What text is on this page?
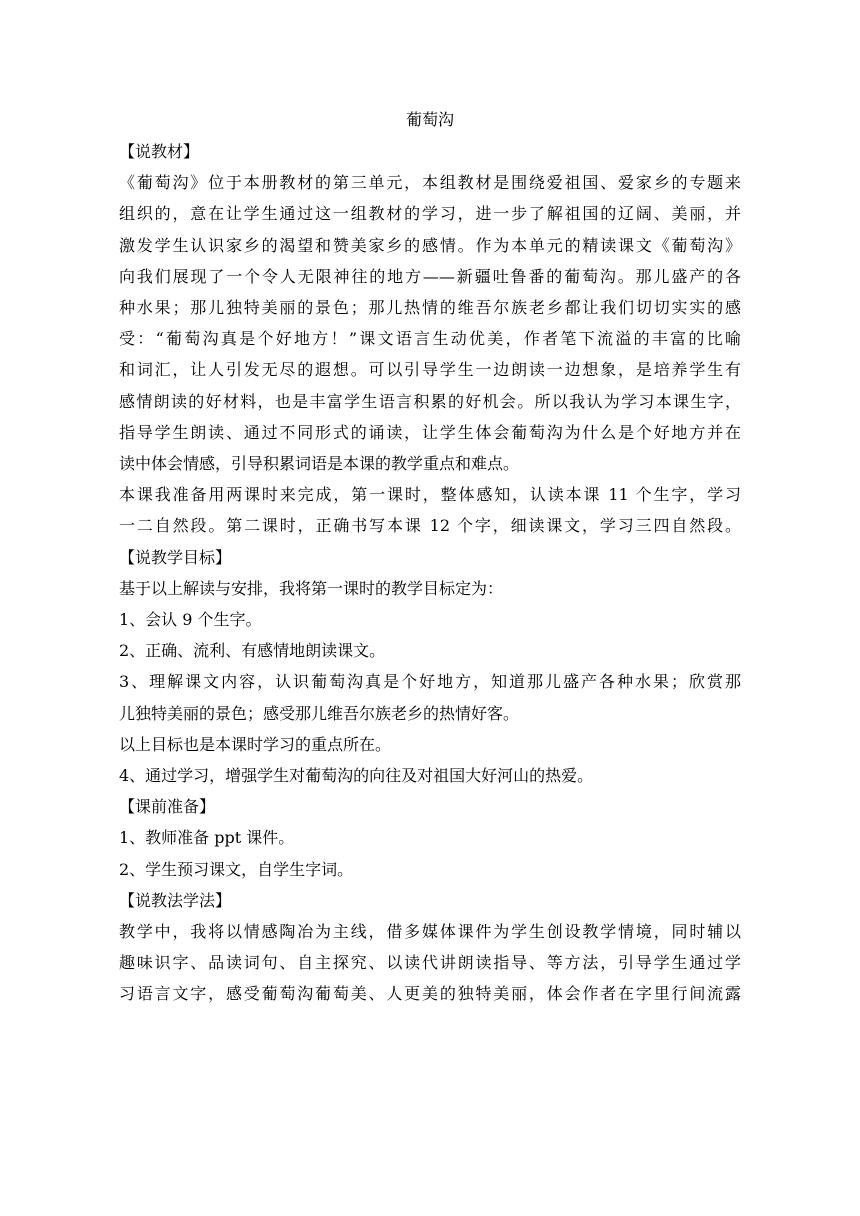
葡萄沟

【说教材】

《葡萄沟》位于本册教材的第三单元，本组教材是围绕爱祖国、爱家乡的专题来

组织的，意在让学生通过这一组教材的学习，进一步了解祖国的辽阔、美丽，并

激发学生认识家乡的渴望和赞美家乡的感情。作为本单元的精读课文《葡萄沟》

向我们展现了一个令人无限神往的地方——新疆吐鲁番的葡萄沟。那儿盛产的各

种水果；那儿独特美丽的景色；那儿热情的维吾尔族老乡都让我们切切实实的感

受：“葡萄沟真是个好地方！”课文语言生动优美，作者笔下流溢的丰富的比喻

和词汇，让人引发无尽的遐想。可以引导学生一边朗读一边想象，是培养学生有

感情朗读的好材料，也是丰富学生语言积累的好机会。所以我认为学习本课生字，

指导学生朗读、通过不同形式的诵读，让学生体会葡萄沟为什么是个好地方并在

读中体会情感，引导积累词语是本课的教学重点和难点。

本课我准备用两课时来完成，第一课时，整体感知，认读本课 11 个生字，学习

一二自然段。第二课时，正确书写本课 12 个字，细读课文，学习三四自然段。

【说教学目标】

基于以上解读与安排，我将第一课时的教学目标定为：

1、会认 9 个生字。

2、正确、流利、有感情地朗读课文。

3、理解课文内容，认识葡萄沟真是个好地方，知道那儿盛产各种水果；欣赏那

儿独特美丽的景色；感受那儿维吾尔族老乡的热情好客。

以上目标也是本课时学习的重点所在。

4、通过学习，增强学生对葡萄沟的向往及对祖国大好河山的热爱。

【课前准备】

1、教师准备 ppt 课件。

2、学生预习课文，自学生字词。

【说教法学法】

教学中，我将以情感陶冶为主线，借多媒体课件为学生创设教学情境，同时辅以

趣味识字、品读词句、自主探究、以读代讲朗读指导、等方法，引导学生通过学

习语言文字，感受葡萄沟葡萄美、人更美的独特美丽，体会作者在字里行间流露
